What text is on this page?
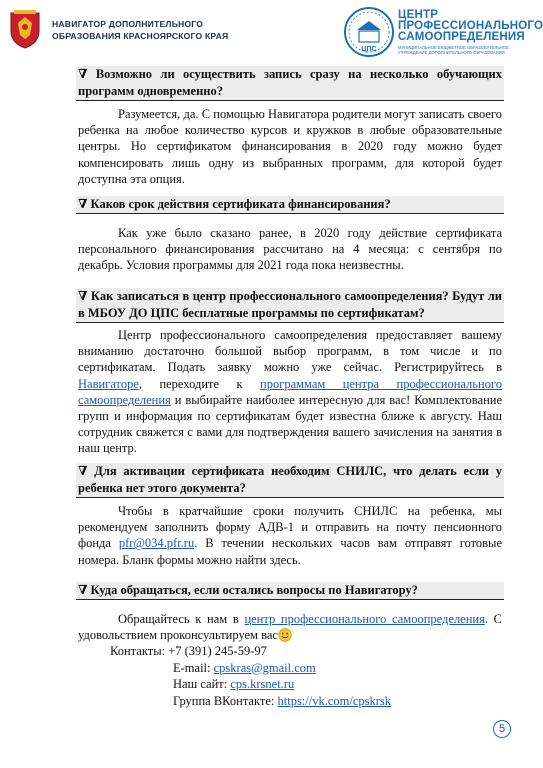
НАВИГАТОР ДОПОЛНИТЕЛЬНОГО
ОБРАЗОВАНИЯ КРАСНОЯРСКОГО КРАЯ
ЦПС
ЦЕНТР
ПРОФЕССИОНАЛЬНОГО
САМООПРЕДЕЛЕНИЯ
МУНИЦИПАЛЬНОЕ БЮДЖЕТНОЕ ОБРАЗОВАТЕЛЬНОЕ УЧРЕЖДЕНИЕ ДОПОЛНИТЕЛЬНОГО ОБРАЗОВАНИЯ
∇ Возможно ли осуществить запись сразу на несколько обучающих программ одновременно?

Разумеется, да. С помощью Навигатора родители могут записать своего ребенка на любое количество курсов и кружков в любые образовательные центры. Но сертификатом финансирования в 2020 году можно будет компенсировать лишь одну из выбранных программ, для которой будет доступна эта опция.

∇ Каков срок действия сертификата финансирования?

Как уже было сказано ранее, в 2020 году действие сертификата персонального финансирования рассчитано на 4 месяца: с сентября по декабрь. Условия программы для 2021 года пока неизвестны.

∇ Как записаться в центр профессионального самоопределения? Будут ли в МБОУ ДО ЦПС бесплатные программы по сертификатам?

Центр профессионального самоопределения предоставляет вашему вниманию достаточно большой выбор программ, в том числе и по сертификатам. Подать заявку можно уже сейчас. Регистрируйтесь в Навигаторе, переходите к программам центра профессионального самоопределения и выбирайте наиболее интересную для вас! Комплектование групп и информация по сертификатам будет известна ближе к августу. Наш сотрудник свяжется с вами для подтверждения вашего зачисления на занятия в наш центр.

∇ Для активации сертификата необходим СНИЛС, что делать если у ребенка нет этого документа?

Чтобы в кратчайшие сроки получить СНИЛС на ребенка, мы рекомендуем заполнить форму АДВ-1 и отправить на почту пенсионного фонда pfr@034.pfr.ru. В течении нескольких часов вам отправят готовые номера. Бланк формы можно найти здесь.

∇ Куда обращаться, если остались вопросы по Навигатору?

Обращайтесь к нам в центр профессионального самоопределения. С удовольствием проконсультируем вас

Контакты: +7 (391) 245-59-97
E-mail: cpskras@gmail.com
Наш сайт: cps.krsnet.ru
Группа ВКонтакте: https://vk.com/cpskrsk
5
